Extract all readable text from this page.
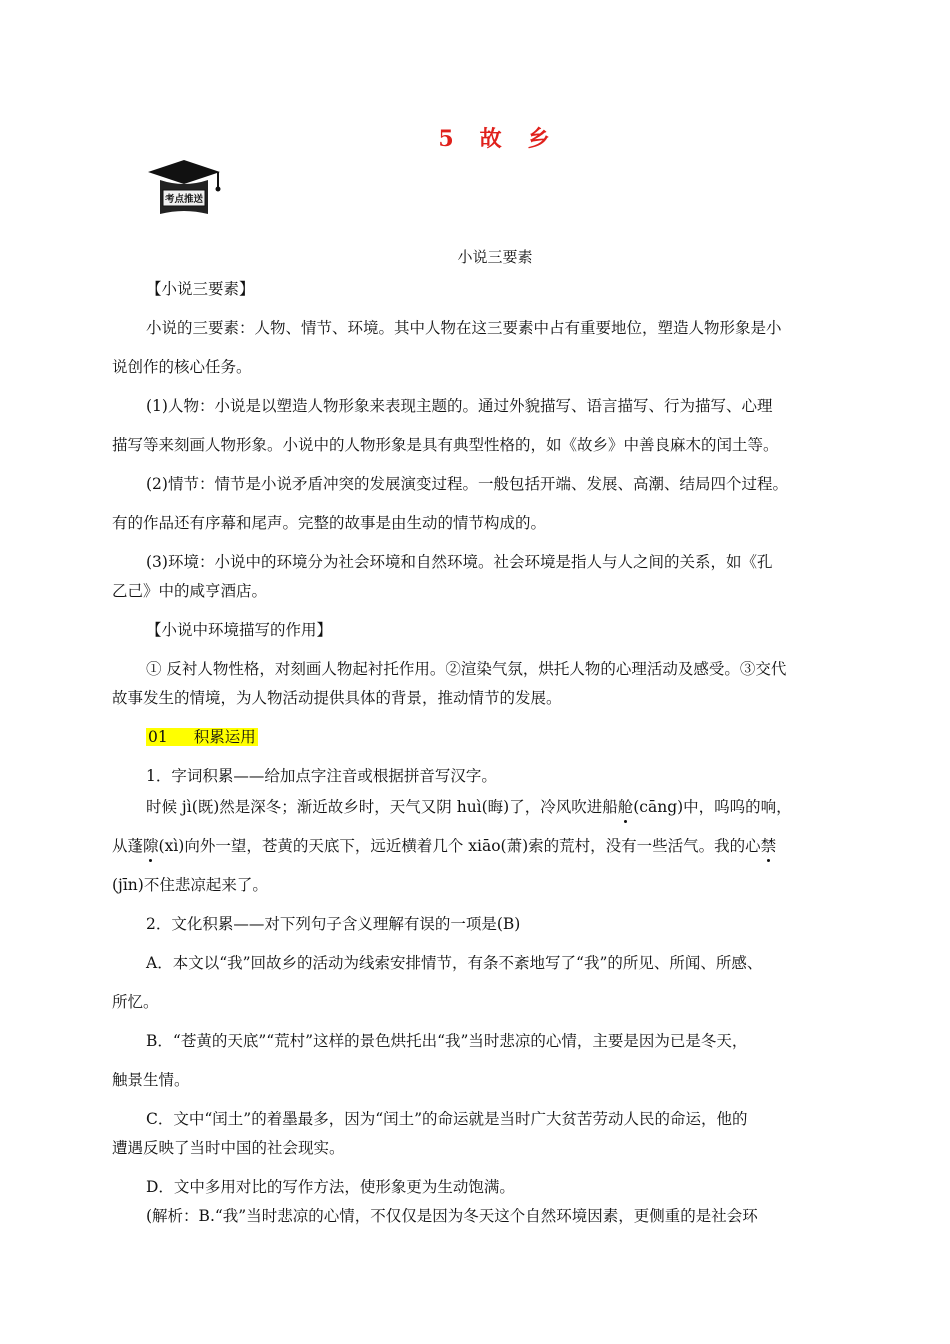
5 故 乡
考点推送
小说三要素
【小说三要素】
小说的三要素：人物、情节、环境。其中人物在这三要素中占有重要地位，塑造人物形象是小
说创作的核心任务。
(1)人物：小说是以塑造人物形象来表现主题的。通过外貌描写、语言描写、行为描写、心理
描写等来刻画人物形象。小说中的人物形象是具有典型性格的，如《故乡》中善良麻木的闰土等。
(2)情节：情节是小说矛盾冲突的发展演变过程。一般包括开端、发展、高潮、结局四个过程。
有的作品还有序幕和尾声。完整的故事是由生动的情节构成的。
(3)环境：小说中的环境分为社会环境和自然环境。社会环境是指人与人之间的关系，如《孔
乙己》中的咸亨酒店。
【小说中环境描写的作用】
① 反衬人物性格，对刻画人物起衬托作用。②渲染气氛，烘托人物的心理活动及感受。③交代
故事发生的情境，为人物活动提供具体的背景，推动情节的发展。
01 积累运用
1．字词积累——给加点字注音或根据拼音写汉字。
时候 jì(既)然是深冬；渐近故乡时，天气又阴 huì(晦)了，冷风吹进船舱(cāng)中，呜呜的响，
从蓬隙(xì)向外一望，苍黄的天底下，远近横着几个 xiāo(萧)索的荒村，没有一些活气。我的心禁
(jīn)不住悲凉起来了。
2．文化积累——对下列句子含义理解有误的一项是(B)
A．本文以“我”回故乡的活动为线索安排情节，有条不紊地写了“我”的所见、所闻、所感、
所忆。
B．“苍黄的天底”“荒村”这样的景色烘托出“我”当时悲凉的心情，主要是因为已是冬天，
触景生情。
C．文中“闰土”的着墨最多，因为“闰土”的命运就是当时广大贫苦劳动人民的命运，他的
遭遇反映了当时中国的社会现实。
D．文中多用对比的写作方法，使形象更为生动饱满。
(解析：B.“我”当时悲凉的心情，不仅仅是因为冬天这个自然环境因素，更侧重的是社会环
